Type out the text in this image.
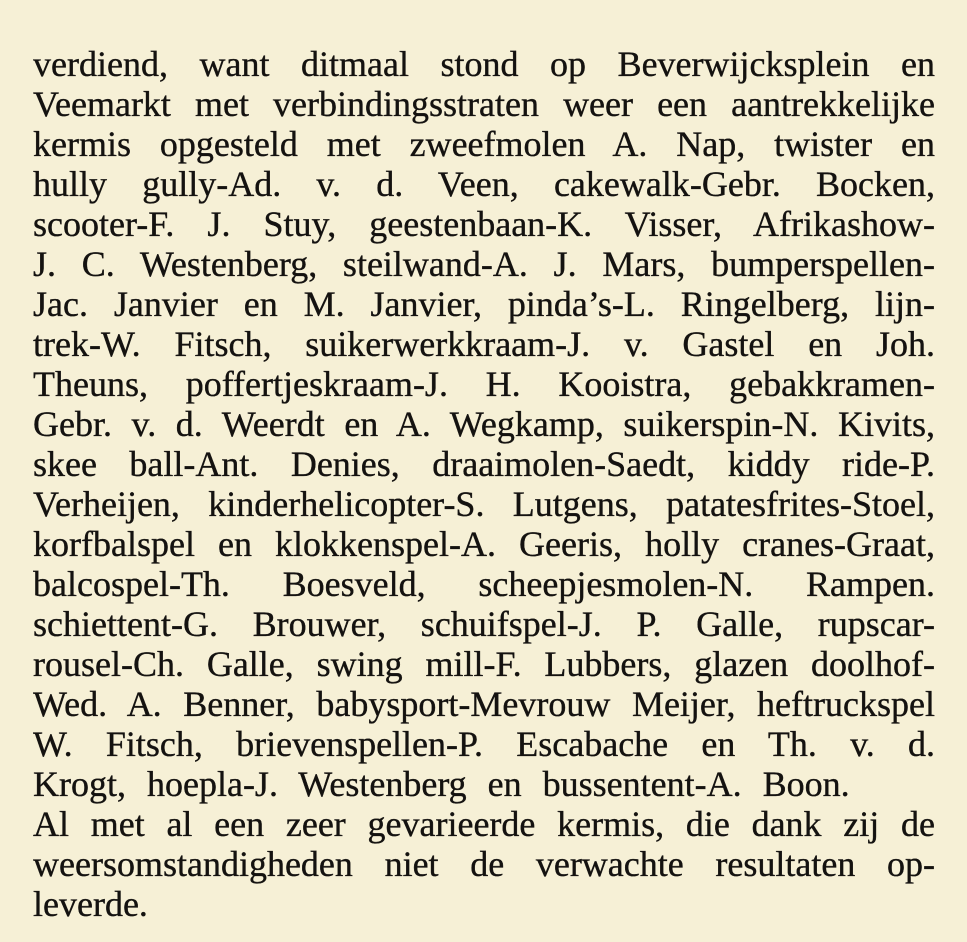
verdiend, want ditmaal stond op Beverwijcksplein en
Veemarkt met verbindingsstraten weer een aantrekkelijke
kermis opgesteld met zweefmolen A. Nap, twister en
hully gully-Ad. v. d. Veen, cakewalk-Gebr. Bocken,
scooter-F. J. Stuy, geestenbaan-K. Visser, Afrikashow-
J. C. Westenberg, steilwand-A. J. Mars, bumperspellen-
Jac. Janvier en M. Janvier, pinda’s-L. Ringelberg, lijn-
trek-W. Fitsch, suikerwerkkraam-J. v. Gastel en Joh.
Theuns, poffertjeskraam-J. H. Kooistra, gebakkramen-
Gebr. v. d. Weerdt en A. Wegkamp, suikerspin-N. Kivits,
skee ball-Ant. Denies, draaimolen-Saedt, kiddy ride-P.
Verheijen, kinderhelicopter-S. Lutgens, patatesfrites-Stoel,
korfbalspel en klokkenspel-A. Geeris, holly cranes-Graat,
balcospel-Th. Boesveld, scheepjesmolen-N. Rampen.
schiettent-G. Brouwer, schuifspel-J. P. Galle, rupscar-
rousel-Ch. Galle, swing mill-F. Lubbers, glazen doolhof-
Wed. A. Benner, babysport-Mevrouw Meijer, heftruckspel
W. Fitsch, brievenspellen-P. Escabache en Th. v. d.
Krogt, hoepla-J. Westenberg en bussentent-A. Boon.
Al met al een zeer gevarieerde kermis, die dank zij de
weersomstandigheden niet de verwachte resultaten op-
leverde.
